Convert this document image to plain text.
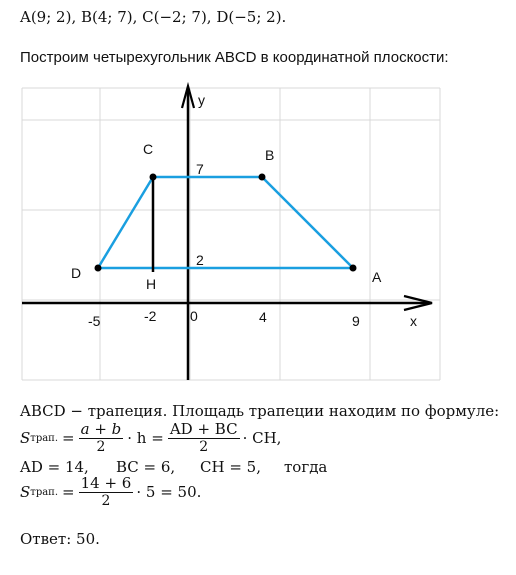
A(9; 2), B(4; 7), C(−2; 7), D(−5; 2).
Построим четырехугольник ABCD в координатной плоскости:
y
x
C	B
D	A
H
7
2
-5	-2 0	4	9
ABCD − трапеция. Площадь трапеции находим по формуле:
S трап. = $\frac{a + b}{2} \cdot h = \frac{AD + BC}{2}$ · CH,
AD = 14, BC = 6, CH = 5, тогда
S трап. = $\frac{14 + 6}{2} \cdot 5 = 50$.
Ответ: 50.
